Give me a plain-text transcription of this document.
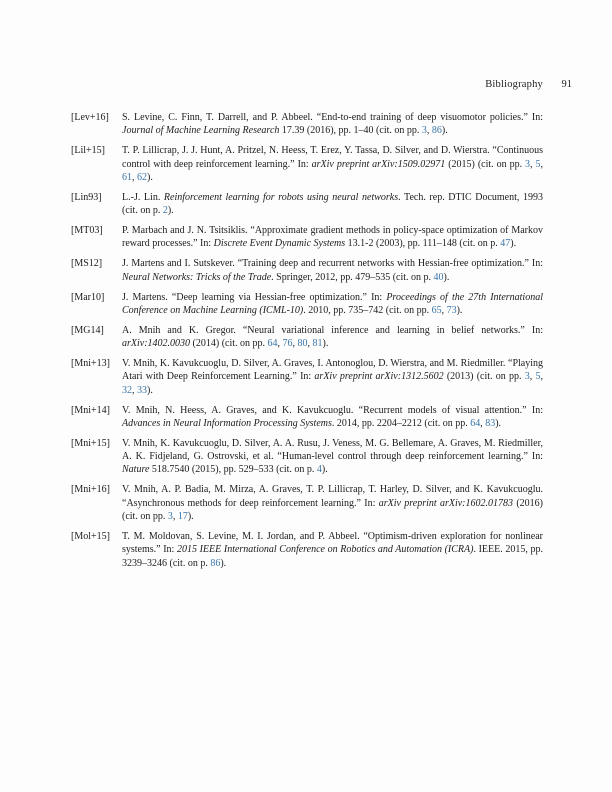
Bibliography	91
[Lev+16]	S. Levine, C. Finn, T. Darrell, and P. Abbeel. “End-to-end training of deep visuomotor policies.” In: Journal of Machine Learning Research 17.39 (2016), pp. 1–40 (cit. on pp. 3, 86).
[Lil+15]	T. P. Lillicrap, J. J. Hunt, A. Pritzel, N. Heess, T. Erez, Y. Tassa, D. Silver, and D. Wierstra. “Continuous control with deep reinforcement learning.” In: arXiv preprint arXiv:1509.02971 (2015) (cit. on pp. 3, 5, 61, 62).
[Lin93]	L.-J. Lin. Reinforcement learning for robots using neural networks. Tech. rep. DTIC Document, 1993 (cit. on p. 2).
[MT03]	P. Marbach and J. N. Tsitsiklis. “Approximate gradient methods in policy-space optimization of Markov reward processes.” In: Discrete Event Dynamic Systems 13.1-2 (2003), pp. 111–148 (cit. on p. 47).
[MS12]	J. Martens and I. Sutskever. “Training deep and recurrent networks with Hessian-free optimization.” In: Neural Networks: Tricks of the Trade. Springer, 2012, pp. 479–535 (cit. on p. 40).
[Mar10]	J. Martens. “Deep learning via Hessian-free optimization.” In: Proceedings of the 27th International Conference on Machine Learning (ICML-10). 2010, pp. 735–742 (cit. on pp. 65, 73).
[MG14]	A. Mnih and K. Gregor. “Neural variational inference and learning in belief networks.” In: arXiv:1402.0030 (2014) (cit. on pp. 64, 76, 80, 81).
[Mni+13]	V. Mnih, K. Kavukcuoglu, D. Silver, A. Graves, I. Antonoglou, D. Wierstra, and M. Riedmiller. “Playing Atari with Deep Reinforcement Learning.” In: arXiv preprint arXiv:1312.5602 (2013) (cit. on pp. 3, 5, 32, 33).
[Mni+14]	V. Mnih, N. Heess, A. Graves, and K. Kavukcuoglu. “Recurrent models of visual attention.” In: Advances in Neural Information Processing Systems. 2014, pp. 2204–2212 (cit. on pp. 64, 83).
[Mni+15]	V. Mnih, K. Kavukcuoglu, D. Silver, A. A. Rusu, J. Veness, M. G. Bellemare, A. Graves, M. Riedmiller, A. K. Fidjeland, G. Ostrovski, et al. “Human-level control through deep reinforcement learning.” In: Nature 518.7540 (2015), pp. 529–533 (cit. on p. 4).
[Mni+16]	V. Mnih, A. P. Badia, M. Mirza, A. Graves, T. P. Lillicrap, T. Harley, D. Silver, and K. Kavukcuoglu. “Asynchronous methods for deep reinforcement learning.” In: arXiv preprint arXiv:1602.01783 (2016) (cit. on pp. 3, 17).
[Mol+15]	T. M. Moldovan, S. Levine, M. I. Jordan, and P. Abbeel. “Optimism-driven exploration for nonlinear systems.” In: 2015 IEEE International Conference on Robotics and Automation (ICRA). IEEE. 2015, pp. 3239–3246 (cit. on p. 86).
